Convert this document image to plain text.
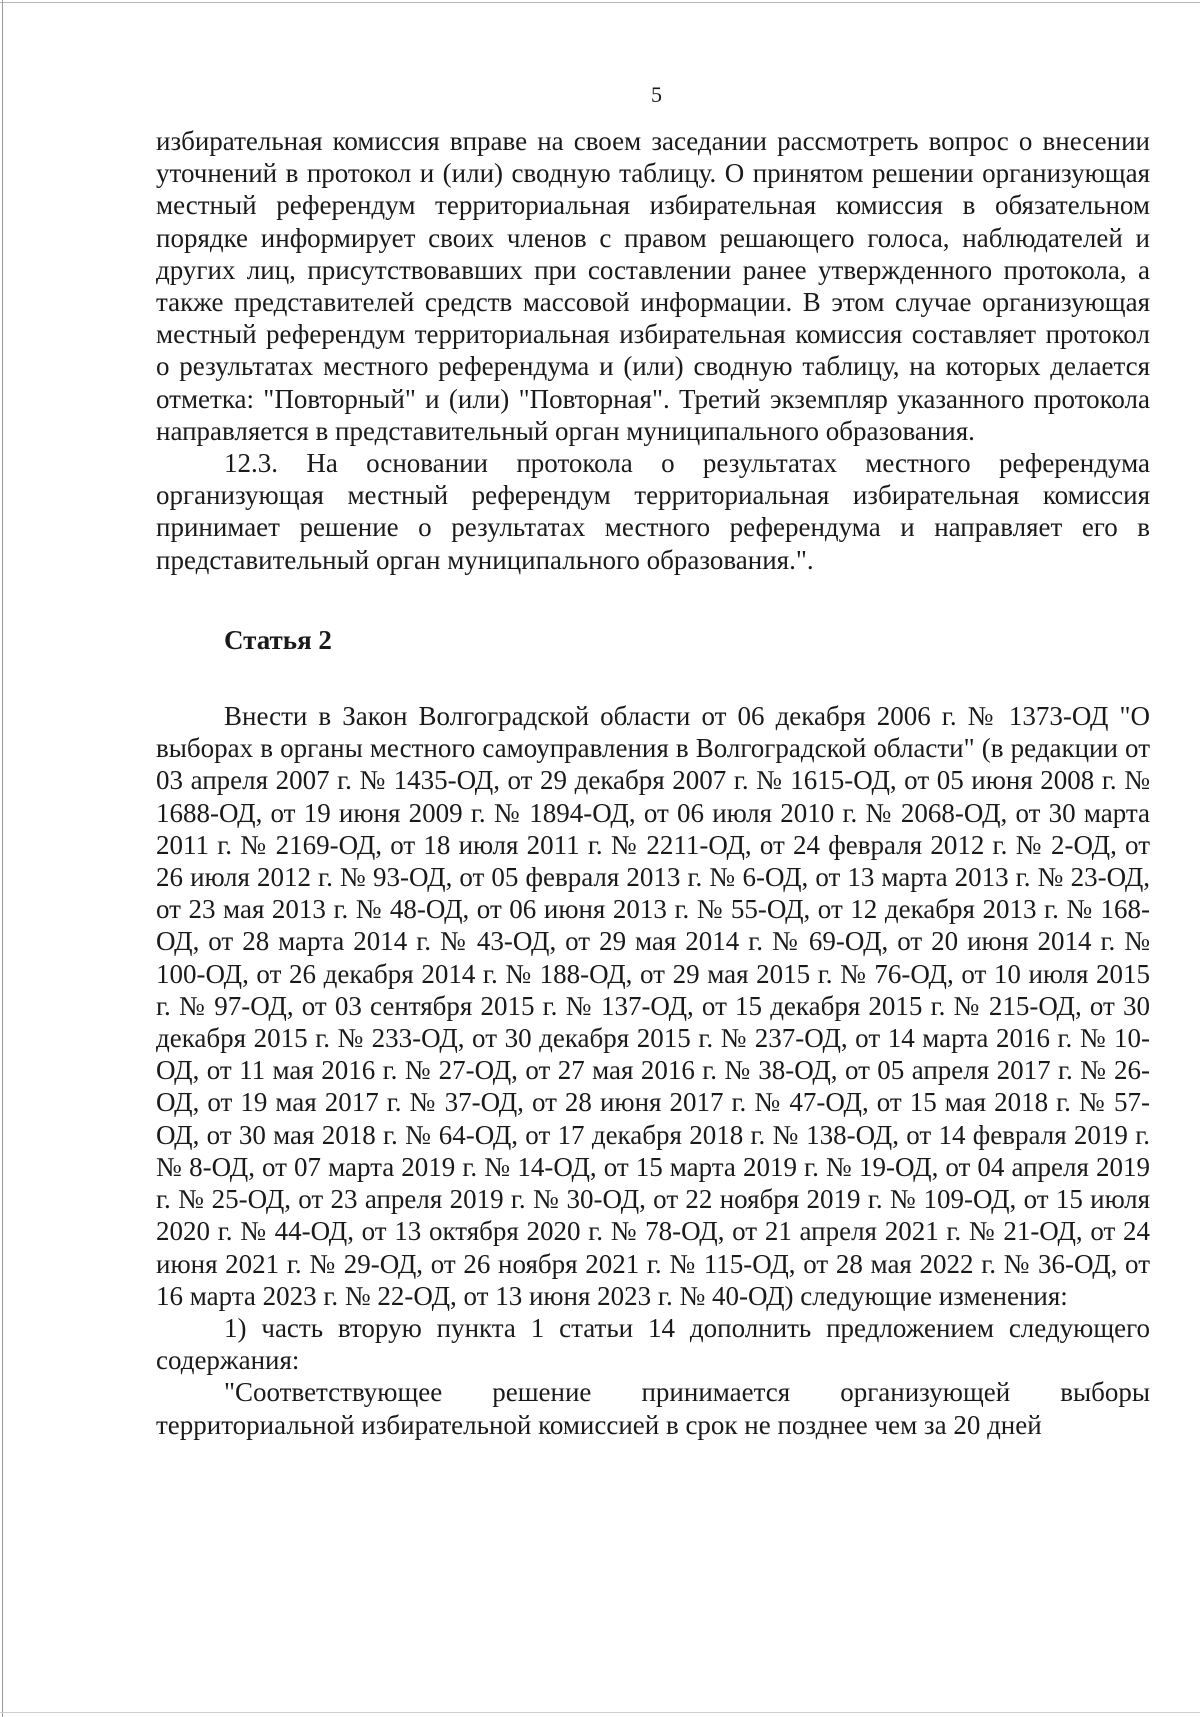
5

избирательная комиссия вправе на своем заседании рассмотреть вопрос о внесении уточнений в протокол и (или) сводную таблицу. О принятом решении организующая местный референдум территориальная избирательная комиссия в обязательном порядке информирует своих членов с правом решающего голоса, наблюдателей и других лиц, присутствовавших при составлении ранее утвержденного протокола, а также представителей средств массовой информации. В этом случае организующая местный референдум территориальная избирательная комиссия составляет протокол о результатах местного референдума и (или) сводную таблицу, на которых делается отметка: "Повторный" и (или) "Повторная". Третий экземпляр указанного протокола направляется в представительный орган муниципального образования.

12.3. На основании протокола о результатах местного референдума организующая местный референдум территориальная избирательная комиссия принимает решение о результатах местного референдума и направляет его в представительный орган муниципального образования.".

Статья 2

Внести в Закон Волгоградской области от 06 декабря 2006 г. № 1373-ОД "О выборах в органы местного самоуправления в Волгоградской области" (в редакции от 03 апреля 2007 г. № 1435-ОД, от 29 декабря 2007 г. № 1615-ОД, от 05 июня 2008 г. № 1688-ОД, от 19 июня 2009 г. № 1894-ОД, от 06 июля 2010 г. № 2068-ОД, от 30 марта 2011 г. № 2169-ОД, от 18 июля 2011 г. № 2211-ОД, от 24 февраля 2012 г. № 2-ОД, от 26 июля 2012 г. № 93-ОД, от 05 февраля 2013 г. № 6-ОД, от 13 марта 2013 г. № 23-ОД, от 23 мая 2013 г. № 48-ОД, от 06 июня 2013 г. № 55-ОД, от 12 декабря 2013 г. № 168-ОД, от 28 марта 2014 г. № 43-ОД, от 29 мая 2014 г. № 69-ОД, от 20 июня 2014 г. № 100-ОД, от 26 декабря 2014 г. № 188-ОД, от 29 мая 2015 г. № 76-ОД, от 10 июля 2015 г. № 97-ОД, от 03 сентября 2015 г. № 137-ОД, от 15 декабря 2015 г. № 215-ОД, от 30 декабря 2015 г. № 233-ОД, от 30 декабря 2015 г. № 237-ОД, от 14 марта 2016 г. № 10-ОД, от 11 мая 2016 г. № 27-ОД, от 27 мая 2016 г. № 38-ОД, от 05 апреля 2017 г. № 26-ОД, от 19 мая 2017 г. № 37-ОД, от 28 июня 2017 г. № 47-ОД, от 15 мая 2018 г. № 57-ОД, от 30 мая 2018 г. № 64-ОД, от 17 декабря 2018 г. № 138-ОД, от 14 февраля 2019 г. № 8-ОД, от 07 марта 2019 г. № 14-ОД, от 15 марта 2019 г. № 19-ОД, от 04 апреля 2019 г. № 25-ОД, от 23 апреля 2019 г. № 30-ОД, от 22 ноября 2019 г. № 109-ОД, от 15 июля 2020 г. № 44-ОД, от 13 октября 2020 г. № 78-ОД, от 21 апреля 2021 г. № 21-ОД, от 24 июня 2021 г. № 29-ОД, от 26 ноября 2021 г. № 115-ОД, от 28 мая 2022 г. № 36-ОД, от 16 марта 2023 г. № 22-ОД, от 13 июня 2023 г. № 40-ОД) следующие изменения:

1) часть вторую пункта 1 статьи 14 дополнить предложением следующего содержания:

"Соответствующее решение принимается организующей выборы территориальной избирательной комиссией в срок не позднее чем за 20 дней
